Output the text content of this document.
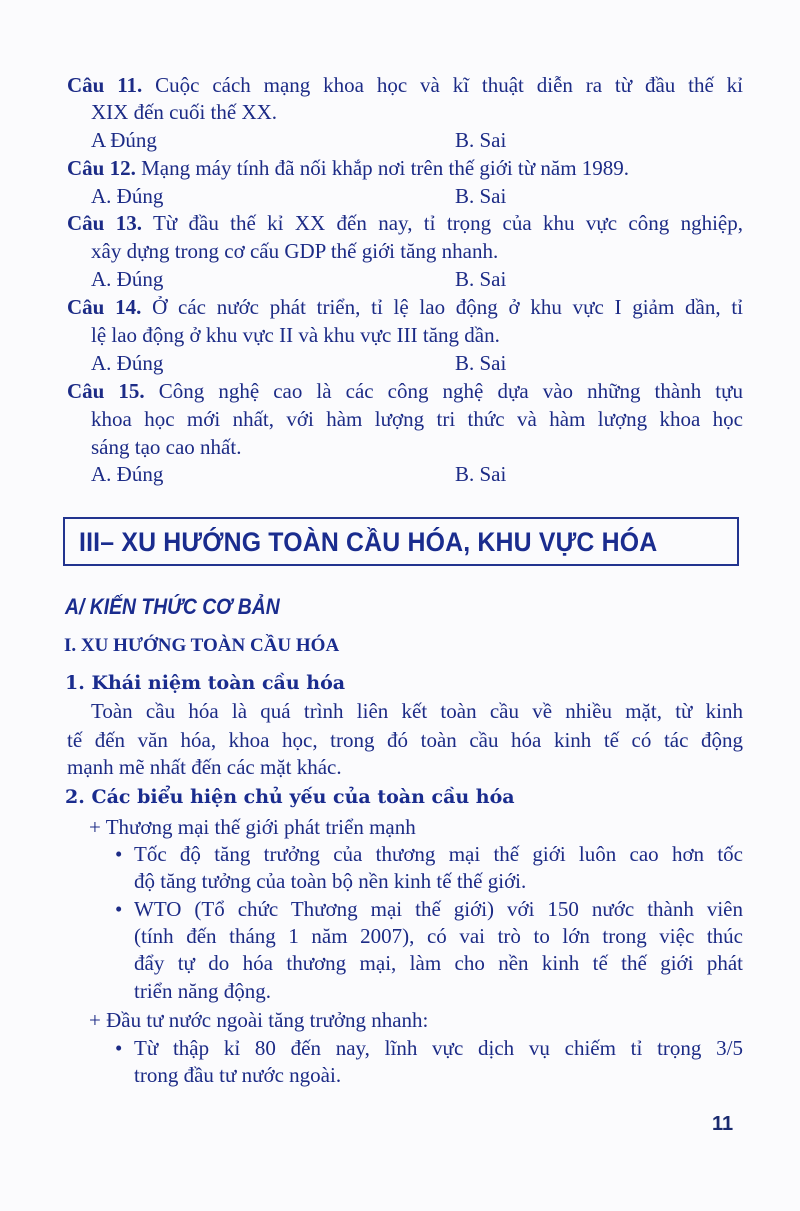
Câu 11. Cuộc cách mạng khoa học và kĩ thuật diễn ra từ đầu thế kỉ
XIX đến cuối thế XX.
A Đúng	B. Sai
Câu 12. Mạng máy tính đã nối khắp nơi trên thế giới từ năm 1989.
A. Đúng	B. Sai
Câu 13. Từ đầu thế kỉ XX đến nay, tỉ trọng của khu vực công nghiệp,
xây dựng trong cơ cấu GDP thế giới tăng nhanh.
A. Đúng	B. Sai
Câu 14. Ở các nước phát triển, tỉ lệ lao động ở khu vực I giảm dần, tỉ
lệ lao động ở khu vực II và khu vực III tăng dần.
A. Đúng	B. Sai
Câu 15. Công nghệ cao là các công nghệ dựa vào những thành tựu
khoa học mới nhất, với hàm lượng tri thức và hàm lượng khoa học
sáng tạo cao nhất.
A. Đúng	B. Sai
III– XU HƯỚNG TOÀN CẦU HÓA, KHU VỰC HÓA
A/ KIẾN THỨC CƠ BẢN
I. XU HƯỚNG TOÀN CẦU HÓA
1. Khái niệm toàn cầu hóa
Toàn cầu hóa là quá trình liên kết toàn cầu về nhiều mặt, từ kinh
tế đến văn hóa, khoa học, trong đó toàn cầu hóa kinh tế có tác động
mạnh mẽ nhất đến các mặt khác.
2. Các biểu hiện chủ yếu của toàn cầu hóa
+ Thương mại thế giới phát triển mạnh
• Tốc độ tăng trưởng của thương mại thế giới luôn cao hơn tốc
độ tăng tưởng của toàn bộ nền kinh tế thế giới.
• WTO (Tổ chức Thương mại thế giới) với 150 nước thành viên
(tính đến tháng 1 năm 2007), có vai trò to lớn trong việc thúc
đẩy tự do hóa thương mại, làm cho nền kinh tế thế giới phát
triển năng động.
+ Đầu tư nước ngoài tăng trưởng nhanh:
• Từ thập kỉ 80 đến nay, lĩnh vực dịch vụ chiếm tỉ trọng 3/5
trong đầu tư nước ngoài.
11
